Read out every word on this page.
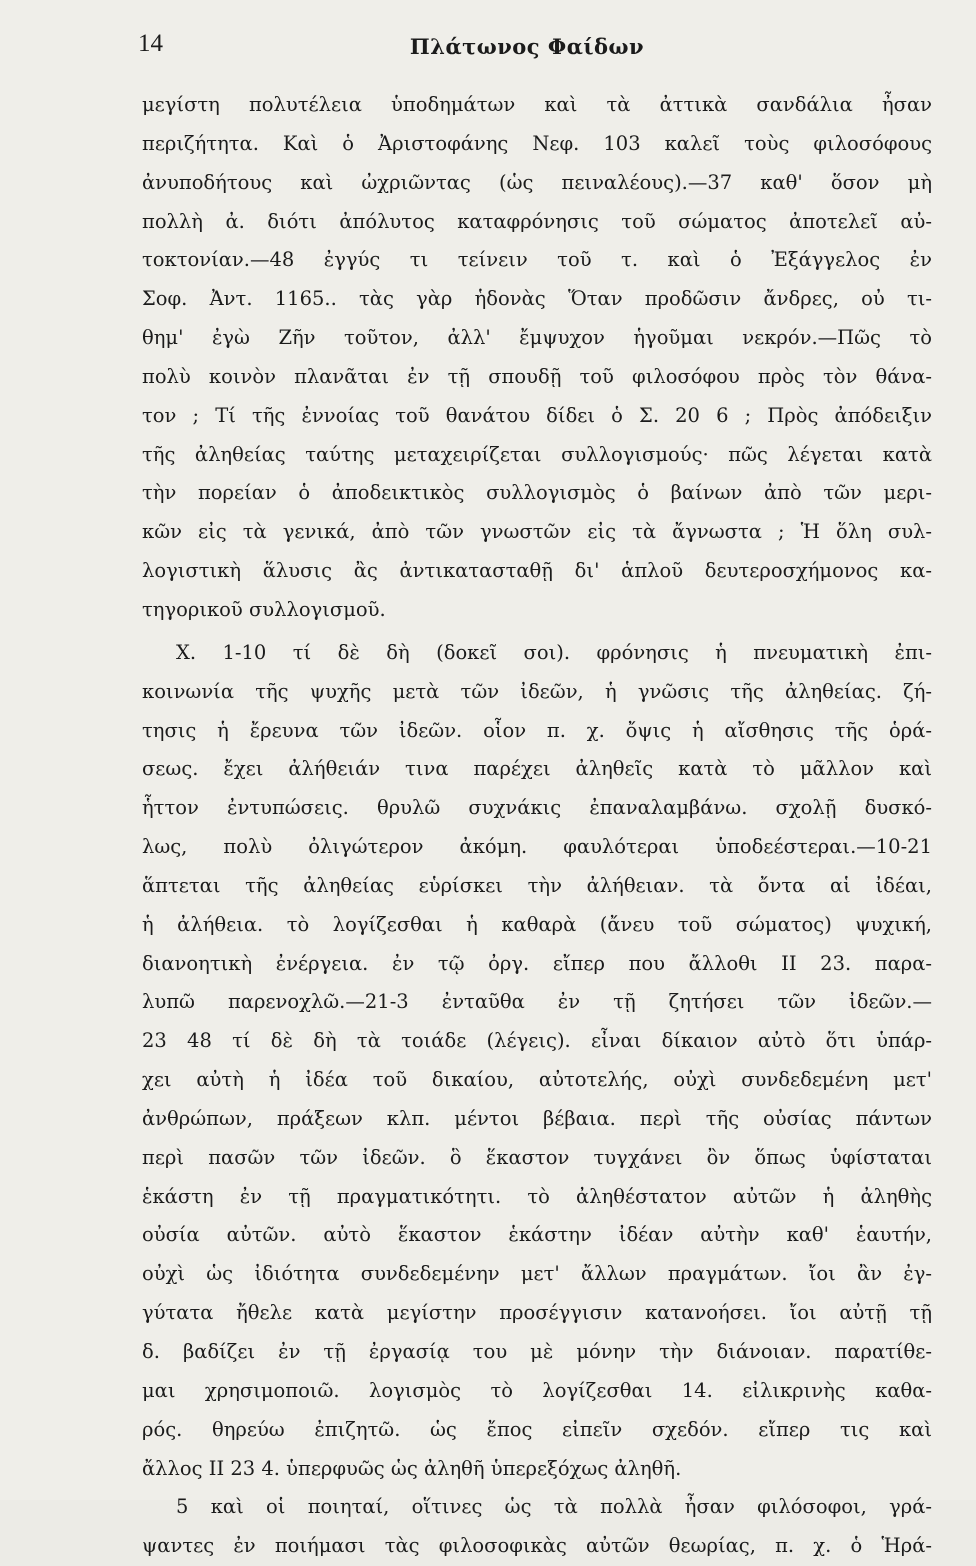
14	Πλάτωνος Φαίδων
μεγίστη πολυτέλεια ὑποδημάτων καὶ τὰ ἀττικὰ σανδάλια ἦσαν
περιζήτητα. Καὶ ὁ Ἀριστοφάνης Νεφ. 103 καλεῖ τοὺς φιλοσόφους
ἀνυποδήτους καὶ ὠχριῶντας (ὡς πειναλέους).—37 καθ' ὅσον μὴ
πολλὴ ἀ. διότι ἀπόλυτος καταφρόνησις τοῦ σώματος ἀποτελεῖ αὐ-
τοκτονίαν.—48 ἐγγύς τι τείνειν τοῦ τ. καὶ ὁ Ἐξάγγελος ἐν
Σοφ. Ἀντ. 1165.. τὰς γὰρ ἡδονὰς Ὅταν προδῶσιν ἄνδρες, οὐ τι-
θημ' ἐγὼ Ζῆν τοῦτον, ἀλλ' ἔμψυχον ἡγοῦμαι νεκρόν.—Πῶς τὸ
πολὺ κοινὸν πλανᾶται ἐν τῇ σπουδῇ τοῦ φιλοσόφου πρὸς τὸν θάνα-
τον ; Τί τῆς ἐννοίας τοῦ θανάτου δίδει ὁ Σ. 20 6 ; Πρὸς ἀπόδειξιν
τῆς ἀληθείας ταύτης μεταχειρίζεται συλλογισμούς· πῶς λέγεται κατὰ
τὴν πορείαν ὁ ἀποδεικτικὸς συλλογισμὸς ὁ βαίνων ἀπὸ τῶν μερι-
κῶν εἰς τὰ γενικά, ἀπὸ τῶν γνωστῶν εἰς τὰ ἄγνωστα ; Ἡ ὅλη συλ-
λογιστικὴ ἅλυσις ἂς ἀντικατασταθῇ δι' ἁπλοῦ δευτεροσχήμονος κα-
τηγορικοῦ συλλογισμοῦ.
Χ. 1-10 τί δὲ δὴ (δοκεῖ σοι). φρόνησις ἡ πνευματικὴ ἐπι-
κοινωνία τῆς ψυχῆς μετὰ τῶν ἰδεῶν, ἡ γνῶσις τῆς ἀληθείας. ζή-
τησις ἡ ἔρευνα τῶν ἰδεῶν. οἷον π. χ. ὄψις ἡ αἴσθησις τῆς ὁρά-
σεως. ἔχει ἀλήθειάν τινα παρέχει ἀληθεῖς κατὰ τὸ μᾶλλον καὶ
ἧττον ἐντυπώσεις. θρυλῶ συχνάκις ἐπαναλαμβάνω. σχολῇ δυσκό-
λως, πολὺ ὀλιγώτερον ἀκόμη. φαυλότεραι ὑποδεέστεραι.—10-21
ἅπτεται τῆς ἀληθείας εὑρίσκει τὴν ἀλήθειαν. τὰ ὄντα αἱ ἰδέαι,
ἡ ἀλήθεια. τὸ λογίζεσθαι ἡ καθαρὰ (ἄνευ τοῦ σώματος) ψυχική,
διανοητικὴ ἐνέργεια. ἐν τῷ ὀργ. εἴπερ που ἄλλοθι ΙΙ 23. παρα-
λυπῶ παρενοχλῶ.—21-3 ἐνταῦθα ἐν τῇ ζητήσει τῶν ἰδεῶν.—
23 48 τί δὲ δὴ τὰ τοιάδε (λέγεις). εἶναι δίκαιον αὐτὸ ὅτι ὑπάρ-
χει αὐτὴ ἡ ἰδέα τοῦ δικαίου, αὐτοτελής, οὐχὶ συνδεδεμένη μετ'
ἀνθρώπων, πράξεων κλπ. μέντοι βέβαια. περὶ τῆς οὐσίας πάντων
περὶ πασῶν τῶν ἰδεῶν. ὃ ἕκαστον τυγχάνει ὂν ὅπως ὑφίσταται
ἑκάστη ἐν τῇ πραγματικότητι. τὸ ἀληθέστατον αὐτῶν ἡ ἀληθὴς
οὐσία αὐτῶν. αὐτὸ ἕκαστον ἑκάστην ἰδέαν αὐτὴν καθ' ἑαυτήν,
οὐχὶ ὡς ἰδιότητα συνδεδεμένην μετ' ἄλλων πραγμάτων. ἴοι ἂν ἐγ-
γύτατα ἤθελε κατὰ μεγίστην προσέγγισιν κατανοήσει. ἴοι αὐτῇ τῇ
δ. βαδίζει ἐν τῇ ἐργασίᾳ του μὲ μόνην τὴν διάνοιαν. παρατίθε-
μαι χρησιμοποιῶ. λογισμὸς τὸ λογίζεσθαι 14. εἰλικρινὴς καθα-
ρός. θηρεύω ἐπιζητῶ. ὡς ἔπος εἰπεῖν σχεδόν. εἴπερ τις καὶ
ἄλλος ΙΙ 23 4. ὑπερφυῶς ὡς ἀληθῆ ὑπερεξόχως ἀληθῆ.
5 καὶ οἱ ποιηταί, οἵτινες ὡς τὰ πολλὰ ἦσαν φιλόσοφοι, γρά-
ψαντες ἐν ποιήμασι τὰς φιλοσοφικὰς αὐτῶν θεωρίας, π. χ. ὁ Ἡρά-
